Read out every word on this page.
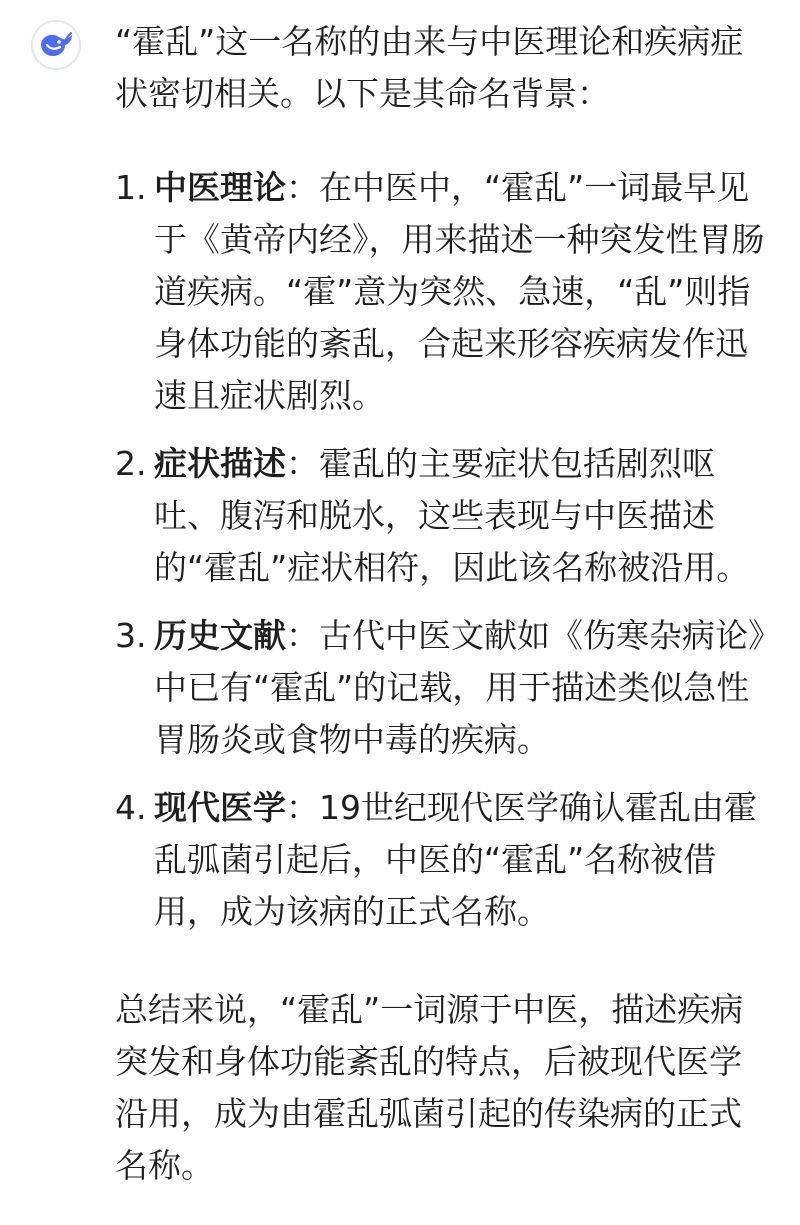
“霍乱”这一名称的由来与中医理论和疾病症状密切相关。以下是其命名背景：

1. 中医理论：在中医中，“霍乱”一词最早见于《黄帝内经》，用来描述一种突发性胃肠道疾病。“霍”意为突然、急速，“乱”则指身体功能的紊乱，合起来形容疾病发作迅速且症状剧烈。
2. 症状描述：霍乱的主要症状包括剧烈呕吐、腹泻和脱水，这些表现与中医描述的“霍乱”症状相符，因此该名称被沿用。
3. 历史文献：古代中医文献如《伤寒杂病论》中已有“霍乱”的记载，用于描述类似急性胃肠炎或食物中毒的疾病。
4. 现代医学：19世纪现代医学确认霍乱由霍乱弧菌引起后，中医的“霍乱”名称被借用，成为该病的正式名称。

总结来说，“霍乱”一词源于中医，描述疾病突发和身体功能紊乱的特点，后被现代医学沿用，成为由霍乱弧菌引起的传染病的正式名称。
